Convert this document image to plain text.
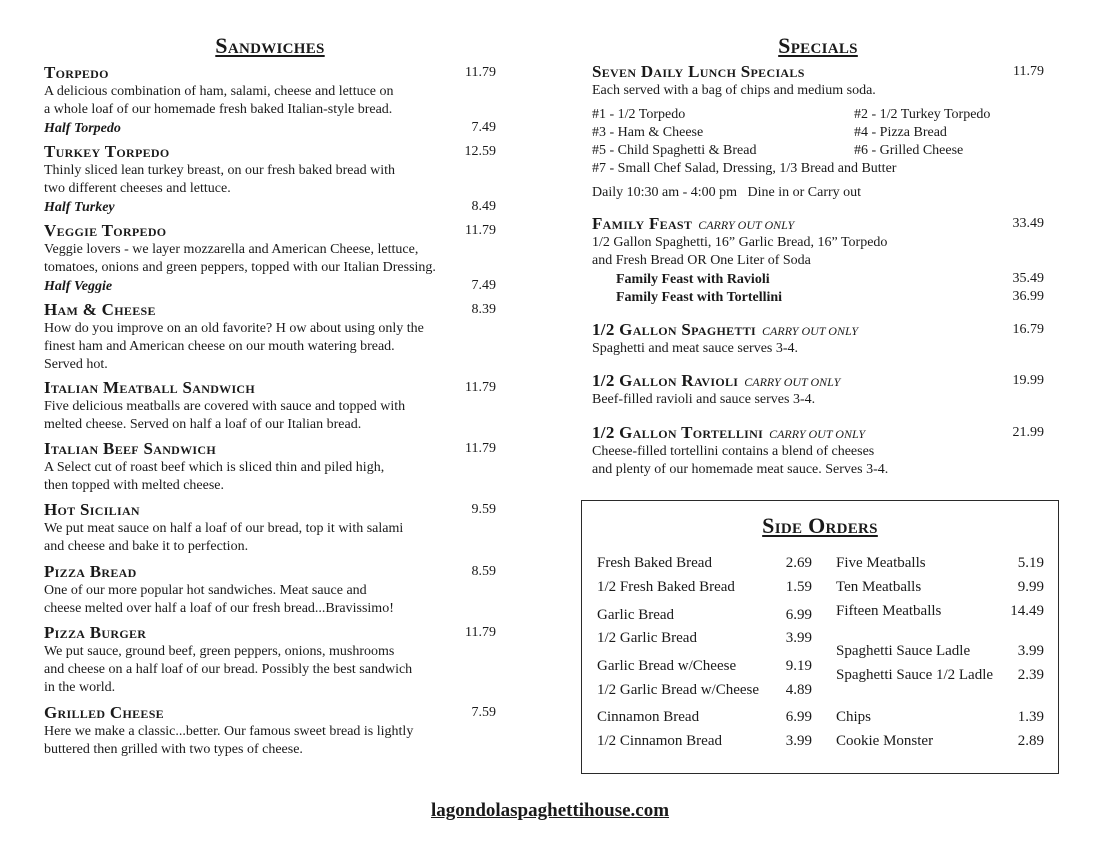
Sandwiches
Torpedo	11.79
A delicious combination of ham, salami, cheese and lettuce on
a whole loaf of our homemade fresh baked Italian-style bread.
Half Torpedo	7.49
Turkey Torpedo	12.59
Thinly sliced lean turkey breast, on our fresh baked bread with
two different cheeses and lettuce.
Half Turkey	8.49
Veggie Torpedo	11.79
Veggie lovers - we layer mozzarella and American Cheese, lettuce,
tomatoes, onions and green peppers, topped with our Italian Dressing.
Half Veggie	7.49
Ham & Cheese	8.39
How do you improve on an old favorite? H ow about using only the
finest ham and American cheese on our mouth watering bread.
Served hot.
Italian Meatball Sandwich	11.79
Five delicious meatballs are covered with sauce and topped with
melted cheese. Served on half a loaf of our Italian bread.
Italian Beef Sandwich	11.79
A Select cut of roast beef which is sliced thin and piled high,
then topped with melted cheese.
Hot Sicilian	9.59
We put meat sauce on half a loaf of our bread, top it with salami
and cheese and bake it to perfection.
Pizza Bread	8.59
One of our more popular hot sandwiches. Meat sauce and
cheese melted over half a loaf of our fresh bread...Bravissimo!
Pizza Burger	11.79
We put sauce, ground beef, green peppers, onions, mushrooms
and cheese on a half loaf of our bread. Possibly the best sandwich
in the world.
Grilled Cheese	7.59
Here we make a classic...better. Our famous sweet bread is lightly
buttered then grilled with two types of cheese.
Specials
Seven Daily Lunch Specials	11.79
Each served with a bag of chips and medium soda.
#1 - 1/2 Torpedo	#2 - 1/2 Turkey Torpedo
#3 - Ham & Cheese	#4 - Pizza Bread
#5 - Child Spaghetti & Bread	#6 - Grilled Cheese
#7 - Small Chef Salad, Dressing, 1/3 Bread and Butter
Daily 10:30 am - 4:00 pm   Dine in or Carry out
Family Feast CARRY OUT ONLY	33.49
1/2 Gallon Spaghetti, 16” Garlic Bread, 16” Torpedo
and Fresh Bread OR One Liter of Soda
Family Feast with Ravioli	35.49
Family Feast with Tortellini	36.99
1/2 Gallon Spaghetti CARRY OUT ONLY	16.79
Spaghetti and meat sauce serves 3-4.
1/2 Gallon Ravioli CARRY OUT ONLY	19.99
Beef-filled ravioli and sauce serves 3-4.
1/2 Gallon Tortellini CARRY OUT ONLY	21.99
Cheese-filled tortellini contains a blend of cheeses
and plenty of our homemade meat sauce. Serves 3-4.
Side Orders
Fresh Baked Bread	2.69
1/2 Fresh Baked Bread	1.59
Garlic Bread	6.99
1/2 Garlic Bread	3.99
Garlic Bread w/Cheese	9.19
1/2 Garlic Bread w/Cheese 4.89
Cinnamon Bread	6.99
1/2 Cinnamon Bread	3.99
Five Meatballs	5.19
Ten Meatballs	9.99
Fifteen Meatballs	14.49
Spaghetti Sauce Ladle	3.99
Spaghetti Sauce 1/2 Ladle 2.39
Chips	1.39
Cookie Monster	2.89
lagondolaspaghettihouse.com
